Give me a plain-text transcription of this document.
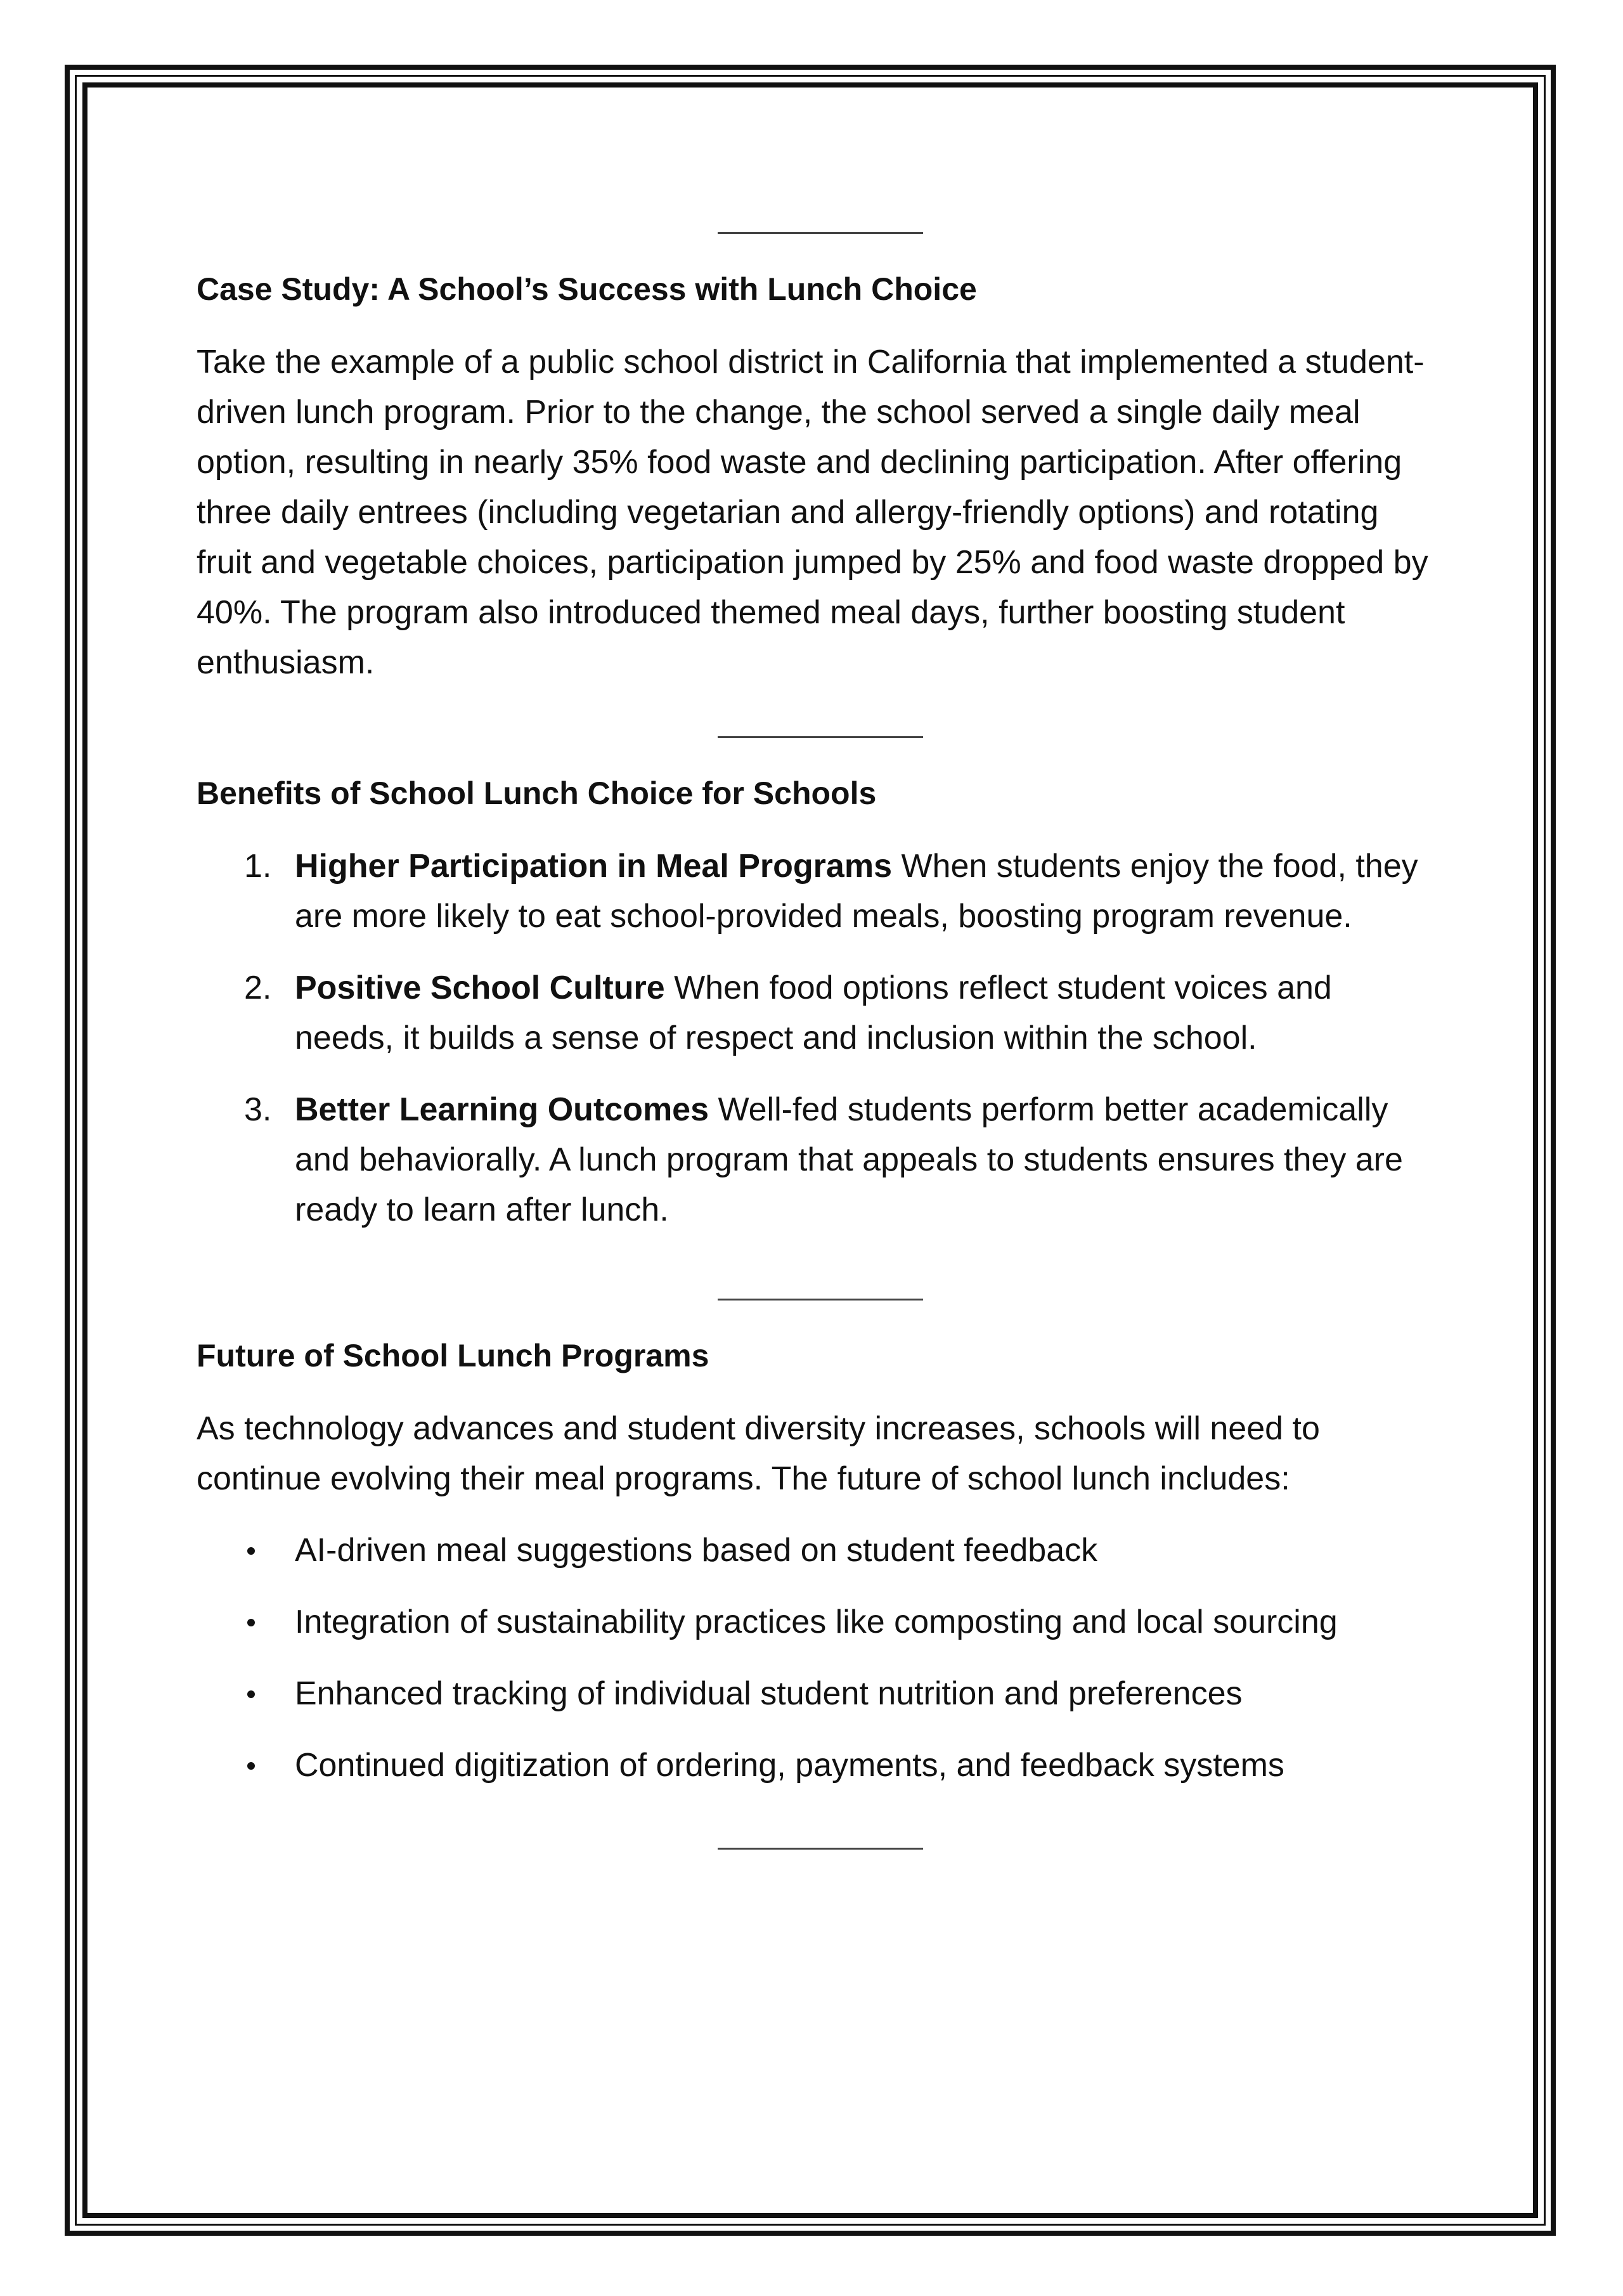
Case Study: A School’s Success with Lunch Choice

Take the example of a public school district in California that implemented a student-driven lunch program. Prior to the change, the school served a single daily meal option, resulting in nearly 35% food waste and declining participation. After offering three daily entrees (including vegetarian and allergy-friendly options) and rotating fruit and vegetable choices, participation jumped by 25% and food waste dropped by 40%. The program also introduced themed meal days, further boosting student enthusiasm.

Benefits of School Lunch Choice for Schools
1. Higher Participation in Meal Programs When students enjoy the food, they are more likely to eat school-provided meals, boosting program revenue.
2. Positive School Culture When food options reflect student voices and needs, it builds a sense of respect and inclusion within the school.
3. Better Learning Outcomes Well-fed students perform better academically and behaviorally. A lunch program that appeals to students ensures they are ready to learn after lunch.
Future of School Lunch Programs

As technology advances and student diversity increases, schools will need to continue evolving their meal programs. The future of school lunch includes:

AI-driven meal suggestions based on student feedback
Integration of sustainability practices like composting and local sourcing
Enhanced tracking of individual student nutrition and preferences
Continued digitization of ordering, payments, and feedback systems
